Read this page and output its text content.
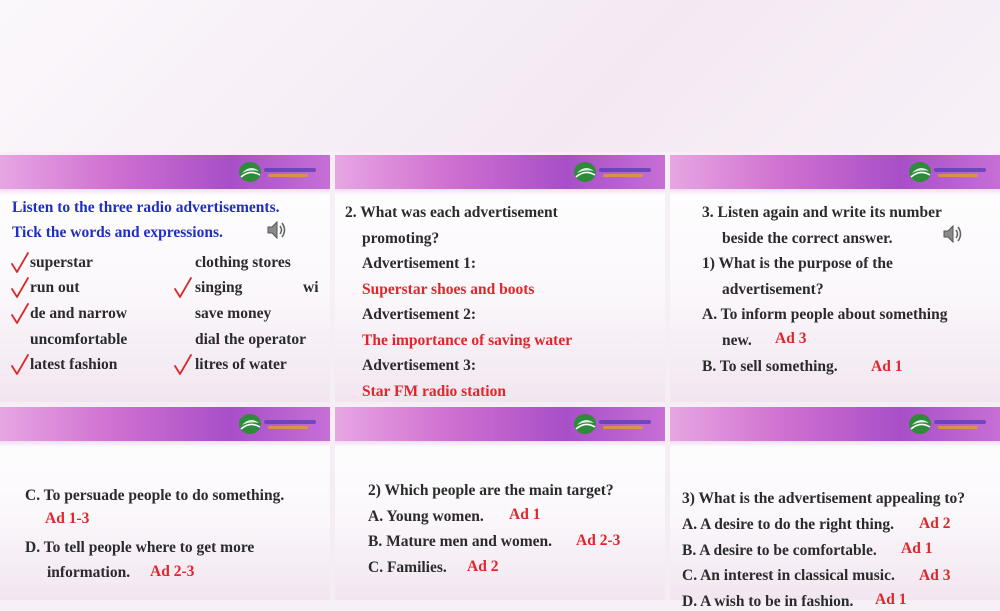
Listen to the three radio advertisements.
Tick the words and expressions.
superstar
run out
de and narrow
uncomfortable
latest fashion
clothing stores
singing	wi
save money
dial the operator
litres of water
2. What was each advertisement
promoting?
Advertisement 1:
Superstar shoes and boots
Advertisement 2:
The importance of saving water
Advertisement 3:
Star FM radio station
3. Listen again and write its number
beside the correct answer.
1) What is the purpose of the
advertisement?
A. To inform people about something
new. Ad 3
B. To sell something. Ad 1
C. To persuade people to do something.
Ad 1-3
D. To tell people where to get more
information. Ad 2-3
2) Which people are the main target?
A. Young women. Ad 1
B. Mature men and women. Ad 2-3
C. Families. Ad 2
3) What is the advertisement appealing to?
A. A desire to do the right thing. Ad 2
B. A desire to be comfortable. Ad 1
C. An interest in classical music. Ad 3
D. A wish to be in fashion. Ad 1
